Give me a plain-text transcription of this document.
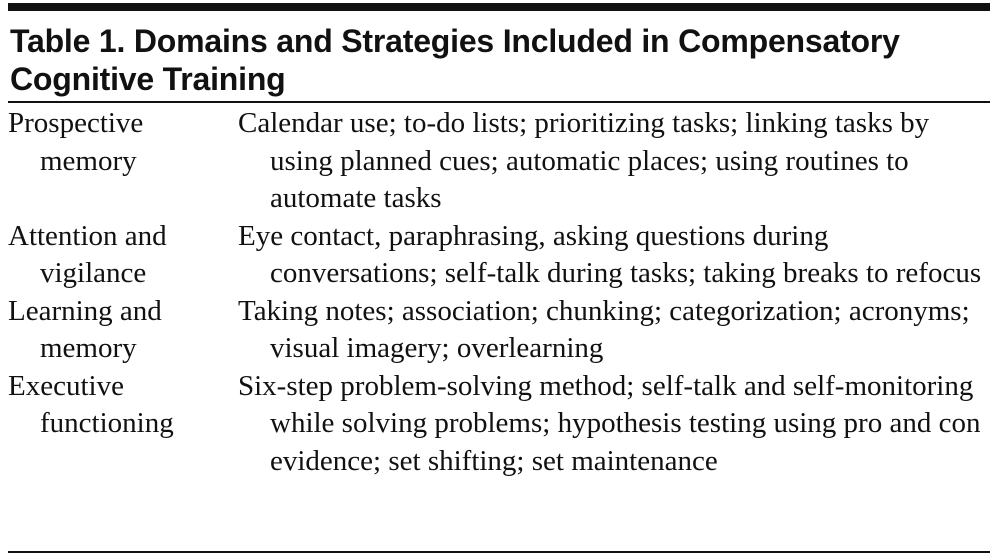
Table 1. Domains and Strategies Included in Compensatory
Cognitive Training
Prospective
memory
Calendar use; to-do lists; prioritizing tasks; linking tasks by using planned cues; automatic places; using routines to automate tasks
Attention and
vigilance
Eye contact, paraphrasing, asking questions during conversations; self-talk during tasks; taking breaks to refocus
Learning and
memory
Taking notes; association; chunking; categorization; acronyms; visual imagery; overlearning
Executive
functioning
Six-step problem-solving method; self-talk and self-monitoring while solving problems; hypothesis testing using pro and con evidence; set shifting; set maintenance
